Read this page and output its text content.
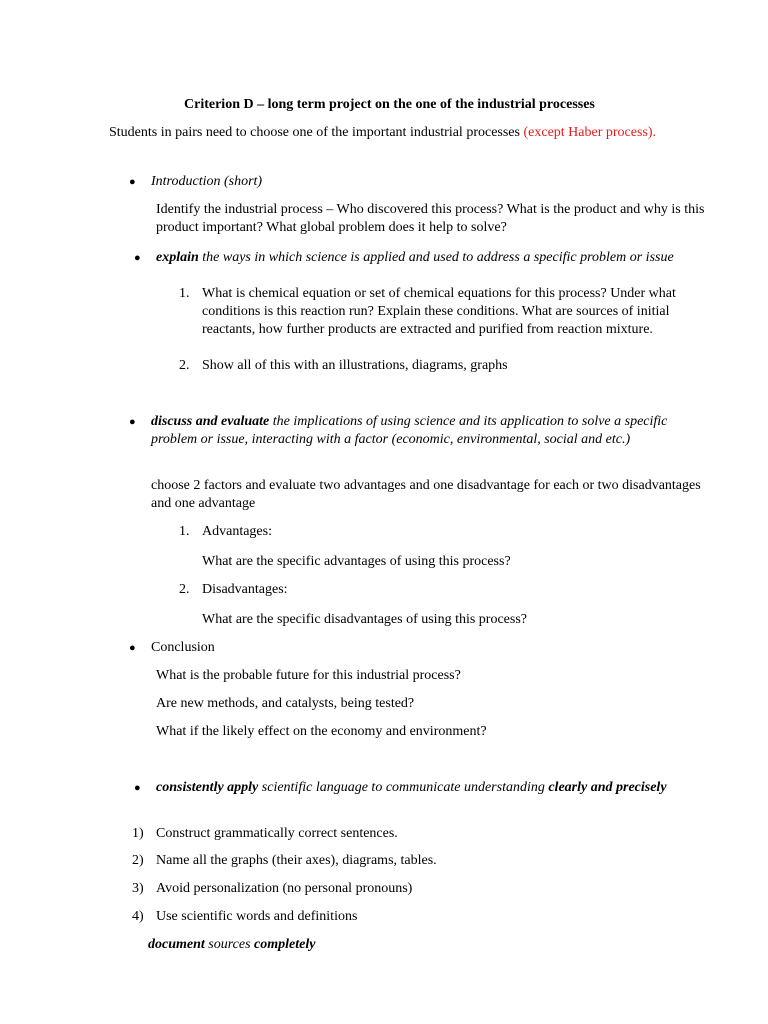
Criterion D – long term project on the one of the industrial processes
Students in pairs need to choose one of the important industrial processes (except Haber process).
● Introduction (short)
Identify the industrial process – Who discovered this process? What is the product and why is this product important? What global problem does it help to solve?
● explain the ways in which science is applied and used to address a specific problem or issue
1. What is chemical equation or set of chemical equations for this process? Under what conditions is this reaction run? Explain these conditions. What are sources of initial reactants, how further products are extracted and purified from reaction mixture.
2. Show all of this with an illustrations, diagrams, graphs
● discuss and evaluate the implications of using science and its application to solve a specific problem or issue, interacting with a factor (economic, environmental, social and etc.)
choose 2 factors and evaluate two advantages and one disadvantage for each or two disadvantages and one advantage
1. Advantages:
What are the specific advantages of using this process?
2. Disadvantages:
What are the specific disadvantages of using this process?
● Conclusion
What is the probable future for this industrial process?
Are new methods, and catalysts, being tested?
What if the likely effect on the economy and environment?
● consistently apply scientific language to communicate understanding clearly and precisely
1) Construct grammatically correct sentences.
2) Name all the graphs (their axes), diagrams, tables.
3) Avoid personalization (no personal pronouns)
4) Use scientific words and definitions
document sources completely
